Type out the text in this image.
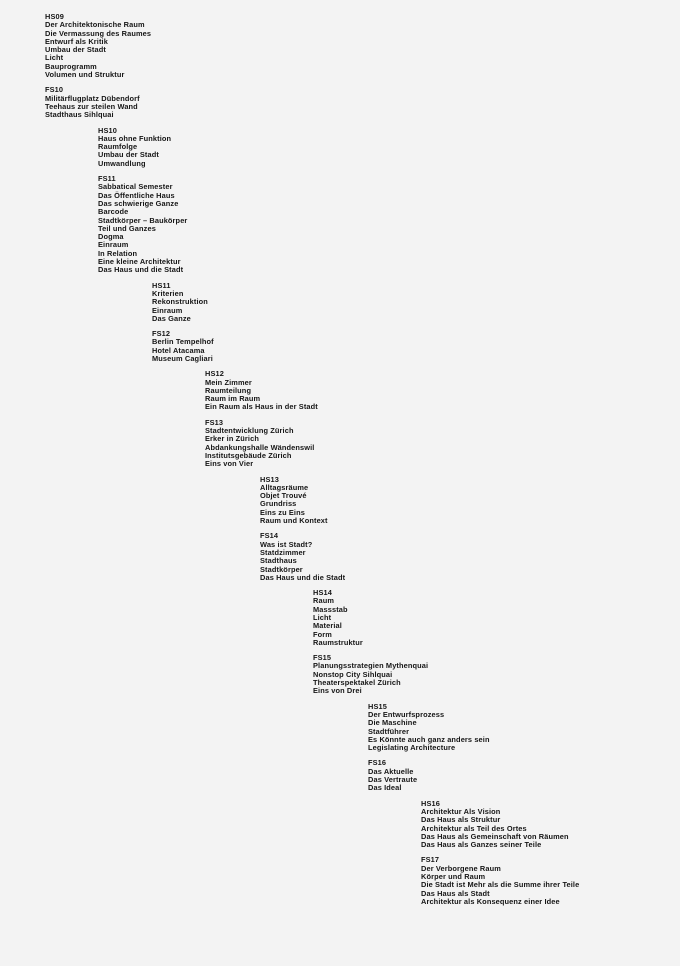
HS09
Der Architektonische Raum
Die Vermassung des Raumes
Entwurf als Kritik
Umbau der Stadt
Licht
Bauprogramm
Volumen und Struktur
FS10
Militärflugplatz Dübendorf
Teehaus zur steilen Wand
Stadthaus Sihlquai
HS10
Haus ohne Funktion
Raumfolge
Umbau der Stadt
Umwandlung
FS11
Sabbatical Semester
Das Öffentliche Haus
Das schwierige Ganze
Barcode
Stadtkörper – Baukörper
Teil und Ganzes
Dogma
Einraum
In Relation
Eine kleine Architektur
Das Haus und die Stadt
HS11
Kriterien
Rekonstruktion
Einraum
Das Ganze
FS12
Berlin Tempelhof
Hotel Atacama
Museum Cagliari
HS12
Mein Zimmer
Raumteilung
Raum im Raum
Ein Raum als Haus in der Stadt
FS13
Stadtentwicklung Zürich
Erker in Zürich
Abdankungshalle Wändenswil
Institutsgebäude Zürich
Eins von Vier
HS13
Alltagsräume
Objet Trouvé
Grundriss
Eins zu Eins
Raum und Kontext
FS14
Was ist Stadt?
Statdzimmer
Stadthaus
Stadtkörper
Das Haus und die Stadt
HS14
Raum
Massstab
Licht
Material
Form
Raumstruktur
FS15
Planungsstrategien Mythenquai
Nonstop City Sihlquai
Theaterspektakel Zürich
Eins von Drei
HS15
Der Entwurfsprozess
Die Maschine
Stadtführer
Es Könnte auch ganz anders sein
Legislating Architecture
FS16
Das Aktuelle
Das Vertraute
Das Ideal
HS16
Architektur Als Vision
Das Haus als Struktur
Architektur als Teil des Ortes
Das Haus als Gemeinschaft von Räumen
Das Haus als Ganzes seiner Teile
FS17
Der Verborgene Raum
Körper und Raum
Die Stadt ist Mehr als die Summe ihrer Teile
Das Haus als Stadt
Architektur als Konsequenz einer Idee
